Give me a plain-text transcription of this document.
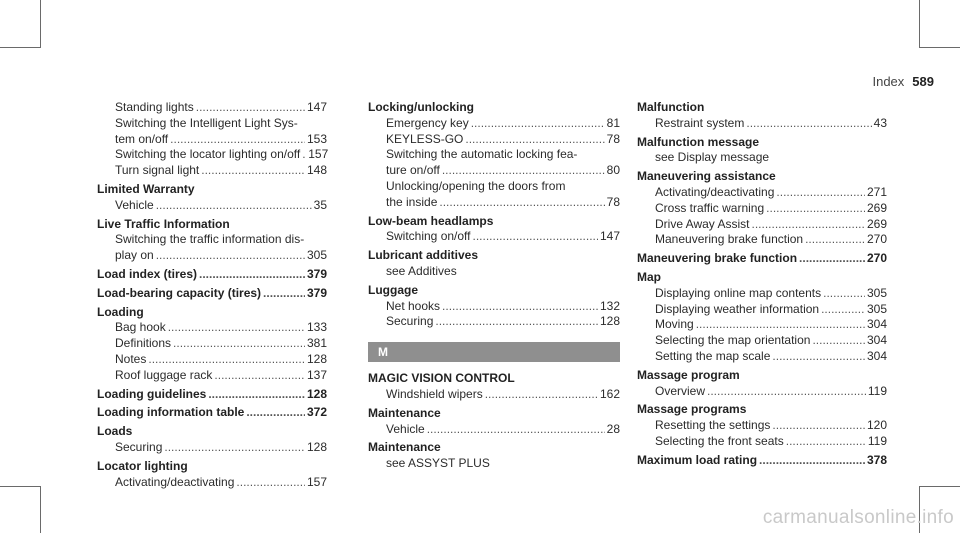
Index 589
Standing lights .....	147
Switching the Intelligent Light Sys-
tem on/off .....	153
Switching the locator lighting on/off ..... 157
Turn signal light .....	148
Limited Warranty
Vehicle .....	35
Live Traffic Information
Switching the traffic information dis-
play on .....	305
Load index (tires) .....	379
Load-bearing capacity (tires) .....	379
Loading
Bag hook .....	133
Definitions .....	381
Notes .....	128
Roof luggage rack .....	137
Loading guidelines .....	128
Loading information table .....	372
Loads
Securing .....	128
Locator lighting
Activating/deactivating .....	157
Locking/unlocking
Emergency key .....	81
KEYLESS-GO .....	78
Switching the automatic locking fea-
ture on/off .....	80
Unlocking/opening the doors from
the inside .....	78
Low-beam headlamps
Switching on/off .....	147
Lubricant additives
see Additives
Luggage
Net hooks .....	132
Securing .....	128
M
MAGIC VISION CONTROL
Windshield wipers .....	162
Maintenance
Vehicle .....	28
Maintenance
see ASSYST PLUS
Malfunction
Restraint system .....	43
Malfunction message
see Display message
Maneuvering assistance
Activating/deactivating .....	271
Cross traffic warning .....	269
Drive Away Assist .....	269
Maneuvering brake function .....	270
Maneuvering brake function .....	270
Map
Displaying online map contents .....	305
Displaying weather information .....	305
Moving .....	304
Selecting the map orientation .....	304
Setting the map scale .....	304
Massage program
Overview .....	119
Massage programs
Resetting the settings .....	120
Selecting the front seats .....	119
Maximum load rating .....	378
carmanualsonline.info
